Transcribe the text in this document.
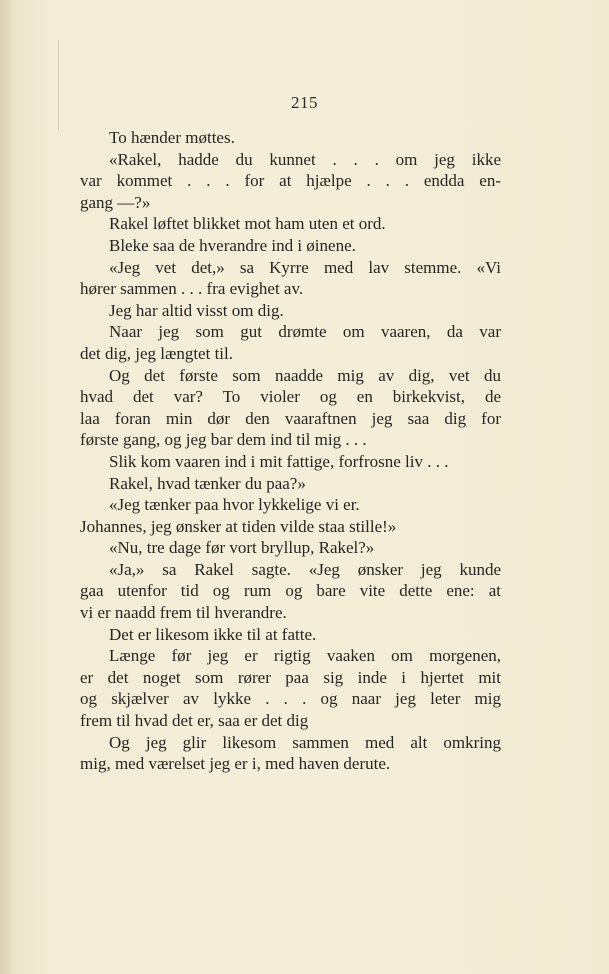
215
To hænder møttes.
«Rakel, hadde du kunnet . . . om jeg ikke
var kommet . . . for at hjælpe . . . endda en-
gang —?»
Rakel løftet blikket mot ham uten et ord.
Bleke saa de hverandre ind i øinene.
«Jeg vet det,» sa Kyrre med lav stemme. «Vi
hører sammen . . . fra evighet av.
Jeg har altid visst om dig.
Naar jeg som gut drømte om vaaren, da var
det dig, jeg længtet til.
Og det første som naadde mig av dig, vet du
hvad det var? To violer og en birkekvist, de
laa foran min dør den vaaraftnen jeg saa dig for
første gang, og jeg bar dem ind til mig . . .
Slik kom vaaren ind i mit fattige, forfrosne liv . . .
Rakel, hvad tænker du paa?»
«Jeg tænker paa hvor lykkelige vi er.
Johannes, jeg ønsker at tiden vilde staa stille!»
«Nu, tre dage før vort bryllup, Rakel?»
«Ja,» sa Rakel sagte. «Jeg ønsker jeg kunde
gaa utenfor tid og rum og bare vite dette ene: at
vi er naadd frem til hverandre.
Det er likesom ikke til at fatte.
Længe før jeg er rigtig vaaken om morgenen,
er det noget som rører paa sig inde i hjertet mit
og skjælver av lykke . . . og naar jeg leter mig
frem til hvad det er, saa er det dig
Og jeg glir likesom sammen med alt omkring
mig, med værelset jeg er i, med haven derute.
